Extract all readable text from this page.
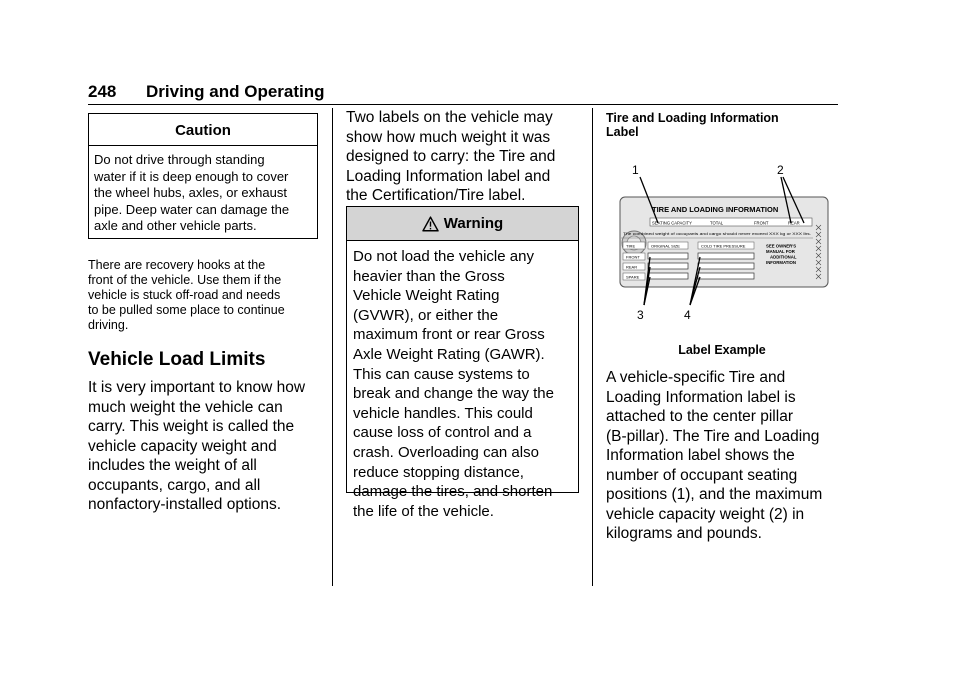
248 Driving and Operating
Caution
Do not drive through standing
water if it is deep enough to cover
the wheel hubs, axles, or exhaust
pipe. Deep water can damage the
axle and other vehicle parts.
There are recovery hooks at the
front of the vehicle. Use them if the
vehicle is stuck off-road and needs
to be pulled some place to continue
driving.
Vehicle Load Limits
It is very important to know how
much weight the vehicle can
carry. This weight is called the
vehicle capacity weight and
includes the weight of all
occupants, cargo, and all
nonfactory-installed options.
Two labels on the vehicle may
show how much weight it was
designed to carry: the Tire and
Loading Information label and
the Certification/Tire label.
Warning
Do not load the vehicle any
heavier than the Gross
Vehicle Weight Rating
(GVWR), or either the
maximum front or rear Gross
Axle Weight Rating (GAWR).
This can cause systems to
break and change the way the
vehicle handles. This could
cause loss of control and a
crash. Overloading can also
reduce stopping distance,
damage the tires, and shorten
the life of the vehicle.
Tire and Loading Information
Label
TIRE AND LOADING INFORMATION
SEATING CAPACITY	TOTAL	FRONT	REAR
The combined weight of occupants and cargo should never exceed XXX kg or XXX lbs.
TIRE	ORIGINAL SIZE	COLD TIRE PRESSURE
FRONT
REAR
SPARE
SEE OWNER'S
MANUAL FOR
ADDITIONAL
INFORMATION
1	2
3	4
Label Example
A vehicle-specific Tire and
Loading Information label is
attached to the center pillar
(B-pillar). The Tire and Loading
Information label shows the
number of occupant seating
positions (1), and the maximum
vehicle capacity weight (2) in
kilograms and pounds.
